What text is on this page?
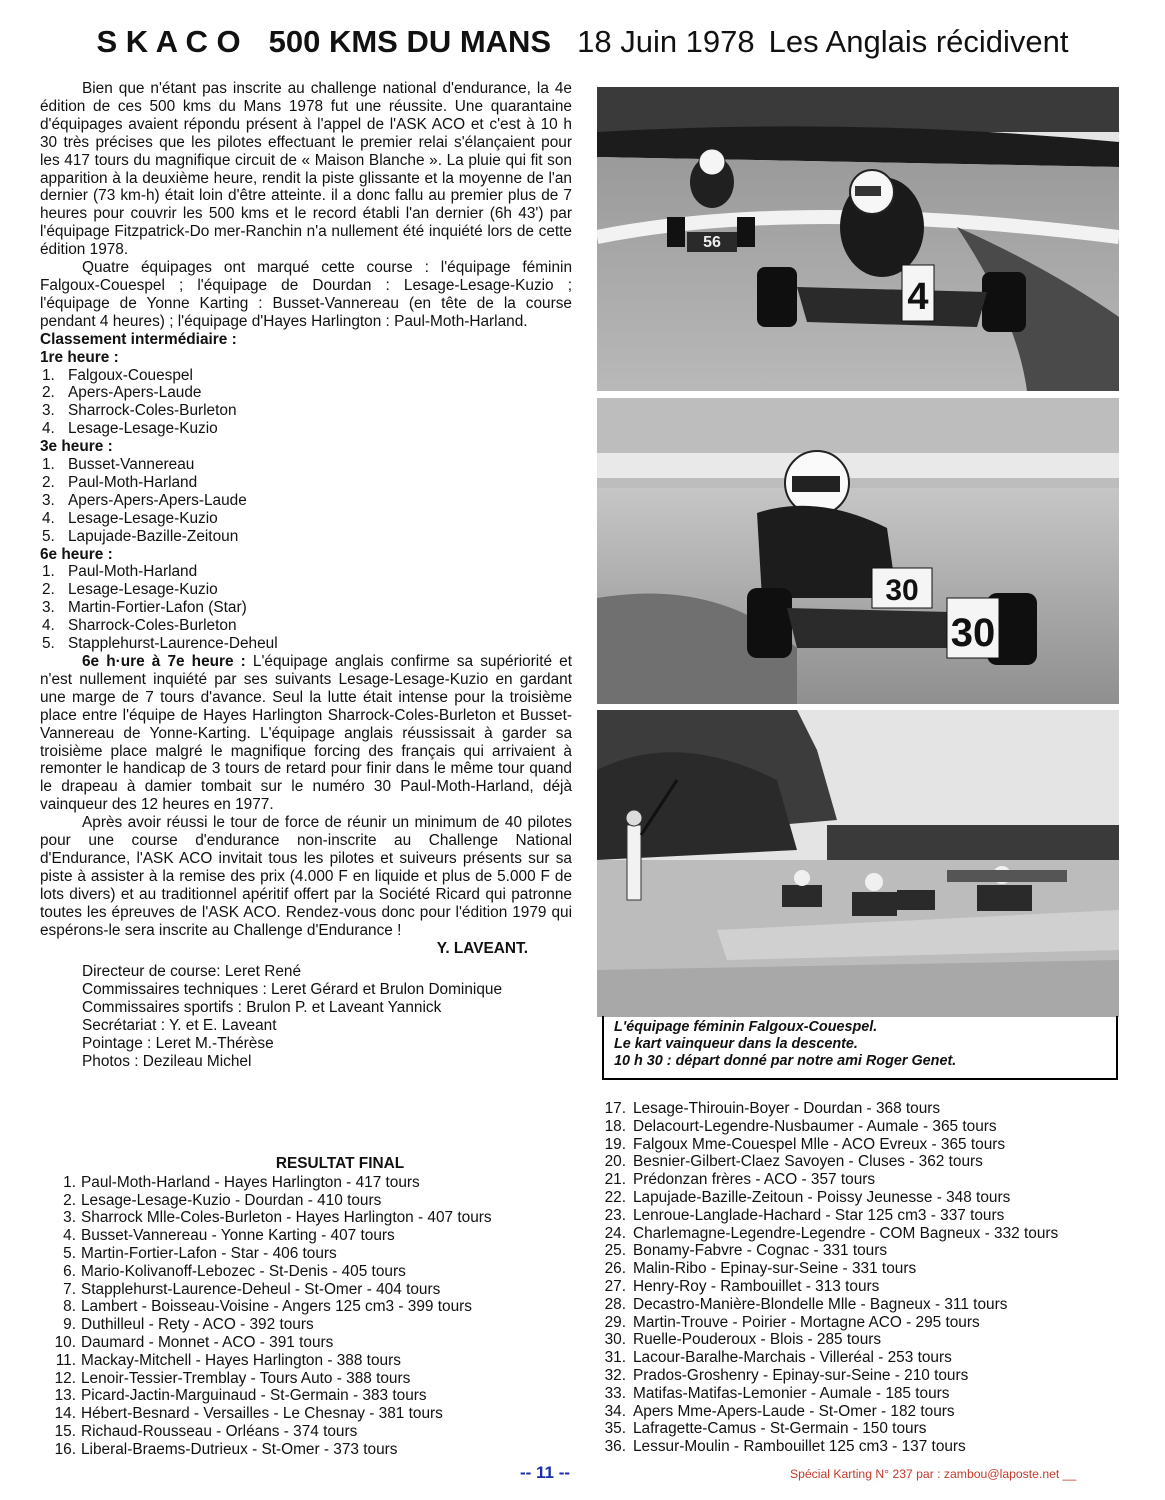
S K A C O 500 KMS DU MANS 18 Juin 1978 Les Anglais récidivent

Bien que n'étant pas inscrite au challenge national d'endurance, la 4e édition de ces 500 kms du Mans 1978 fut une réussite. Une quarantaine d'équipages avaient répondu présent à l'appel de l'ASK ACO et c'est à 10 h 30 très précises que les pilotes effectuant le premier relai s'élançaient pour les 417 tours du magnifique circuit de « Maison Blanche ». La pluie qui fit son apparition à la deuxième heure, rendit la piste glissante et la moyenne de l'an dernier (73 km-h) était loin d'être atteinte. il a donc fallu au premier plus de 7 heures pour couvrir les 500 kms et le record établi l'an dernier (6h 43') par l'équipage Fitzpatrick-Do mer-Ranchin n'a nullement été inquiété lors de cette édition 1978.

Quatre équipages ont marqué cette course : l'équipage féminin Falgoux-Couespel ; l'équipage de Dourdan : Lesage-Lesage-Kuzio ; l'équipage de Yonne Karting : Busset-Vannereau (en tête de la course pendant 4 heures) ; l'équipage d'Hayes Harlington : Paul-Moth-Harland.

Classement intermédiaire :
1re heure :
1. Falgoux-Couespel
2. Apers-Apers-Laude
3. Sharrock-Coles-Burleton
4. Lesage-Lesage-Kuzio
3e heure :
1. Busset-Vannereau
2. Paul-Moth-Harland
3. Apers-Apers-Apers-Laude
4. Lesage-Lesage-Kuzio
5. Lapujade-Bazille-Zeitoun
6e heure :
1. Paul-Moth-Harland
2. Lesage-Lesage-Kuzio
3. Martin-Fortier-Lafon (Star)
4. Sharrock-Coles-Burleton
5. Stapplehurst-Laurence-Deheul

6e h·ure à 7e heure : L'équipage anglais confirme sa supériorité et n'est nullement inquiété par ses suivants Lesage-Lesage-Kuzio en gardant une marge de 7 tours d'avance. Seul la lutte était intense pour la troisième place entre l'équipe de Hayes Harlington Sharrock-Coles-Burleton et Busset-Vannereau de Yonne-Karting. L'équipage anglais réussissait à garder sa troisième place malgré le magnifique forcing des français qui arrivaient à remonter le handicap de 3 tours de retard pour finir dans le même tour quand le drapeau à damier tombait sur le numéro 30 Paul-Moth-Harland, déjà vainqueur des 12 heures en 1977.

Après avoir réussi le tour de force de réunir un minimum de 40 pilotes pour une course d'endurance non-inscrite au Challenge National d'Endurance, l'ASK ACO invitait tous les pilotes et suiveurs présents sur sa piste à assister à la remise des prix (4.000 F en liquide et plus de 5.000 F de lots divers) et au traditionnel apéritif offert par la Société Ricard qui patronne toutes les épreuves de l'ASK ACO. Rendez-vous donc pour l'édition 1979 qui espérons-le sera inscrite au Challenge d'Endurance !

Y. LAVEANT.
Directeur de course: Leret René
Commissaires techniques : Leret Gérard et Brulon Dominique
Commissaires sportifs : Brulon P. et Laveant Yannick
Secrétariat : Y. et E. Laveant
Pointage : Leret M.-Thérèse
Photos : Dezileau Michel
RESULTAT FINAL
1. Paul-Moth-Harland - Hayes Harlington - 417 tours
2. Lesage-Lesage-Kuzio - Dourdan - 410 tours
3. Sharrock Mlle-Coles-Burleton - Hayes Harlington - 407 tours
4. Busset-Vannereau - Yonne Karting - 407 tours
5. Martin-Fortier-Lafon - Star - 406 tours
6. Mario-Kolivanoff-Lebozec - St-Denis - 405 tours
7. Stapplehurst-Laurence-Deheul - St-Omer - 404 tours
8. Lambert - Boisseau-Voisine - Angers 125 cm3 - 399 tours
9. Duthilleul - Rety - ACO - 392 tours
10. Daumard - Monnet - ACO - 391 tours
11. Mackay-Mitchell - Hayes Harlington - 388 tours
12. Lenoir-Tessier-Tremblay - Tours Auto - 388 tours
13. Picard-Jactin-Marguinaud - St-Germain - 383 tours
14. Hébert-Besnard - Versailles - Le Chesnay - 381 tours
15. Richaud-Rousseau - Orléans - 374 tours
16. Liberal-Braems-Dutrieux - St-Omer - 373 tours
17. Lesage-Thirouin-Boyer - Dourdan - 368 tours
18. Delacourt-Legendre-Nusbaumer - Aumale - 365 tours
19. Falgoux Mme-Couespel Mlle - ACO Evreux - 365 tours
20. Besnier-Gilbert-Claez Savoyen - Cluses - 362 tours
21. Prédonzan frères - ACO - 357 tours
22. Lapujade-Bazille-Zeitoun - Poissy Jeunesse - 348 tours
23. Lenroue-Langlade-Hachard - Star 125 cm3 - 337 tours
24. Charlemagne-Legendre-Legendre - COM Bagneux - 332 tours
25. Bonamy-Fabvre - Cognac - 331 tours
26. Malin-Ribo - Epinay-sur-Seine - 331 tours
27. Henry-Roy - Rambouillet - 313 tours
28. Decastro-Manière-Blondelle Mlle - Bagneux - 311 tours
29. Martin-Trouve - Poirier - Mortagne ACO - 295 tours
30. Ruelle-Pouderoux - Blois - 285 tours
31. Lacour-Baralhe-Marchais - Villeréal - 253 tours
32. Prados-Groshenry - Epinay-sur-Seine - 210 tours
33. Matifas-Matifas-Lemonier - Aumale - 185 tours
34. Apers Mme-Apers-Laude - St-Omer - 182 tours
35. Lafragette-Camus - St-Germain - 150 tours
36. Lessur-Moulin - Rambouillet 125 cm3 - 137 tours
56
4
30
30
L'équipage féminin Falgoux-Couespel.
Le kart vainqueur dans la descente.
10 h 30 : départ donné par notre ami Roger Genet.
-- 11 --	Spécial Karting N° 237 par : zambou@laposte.net __
